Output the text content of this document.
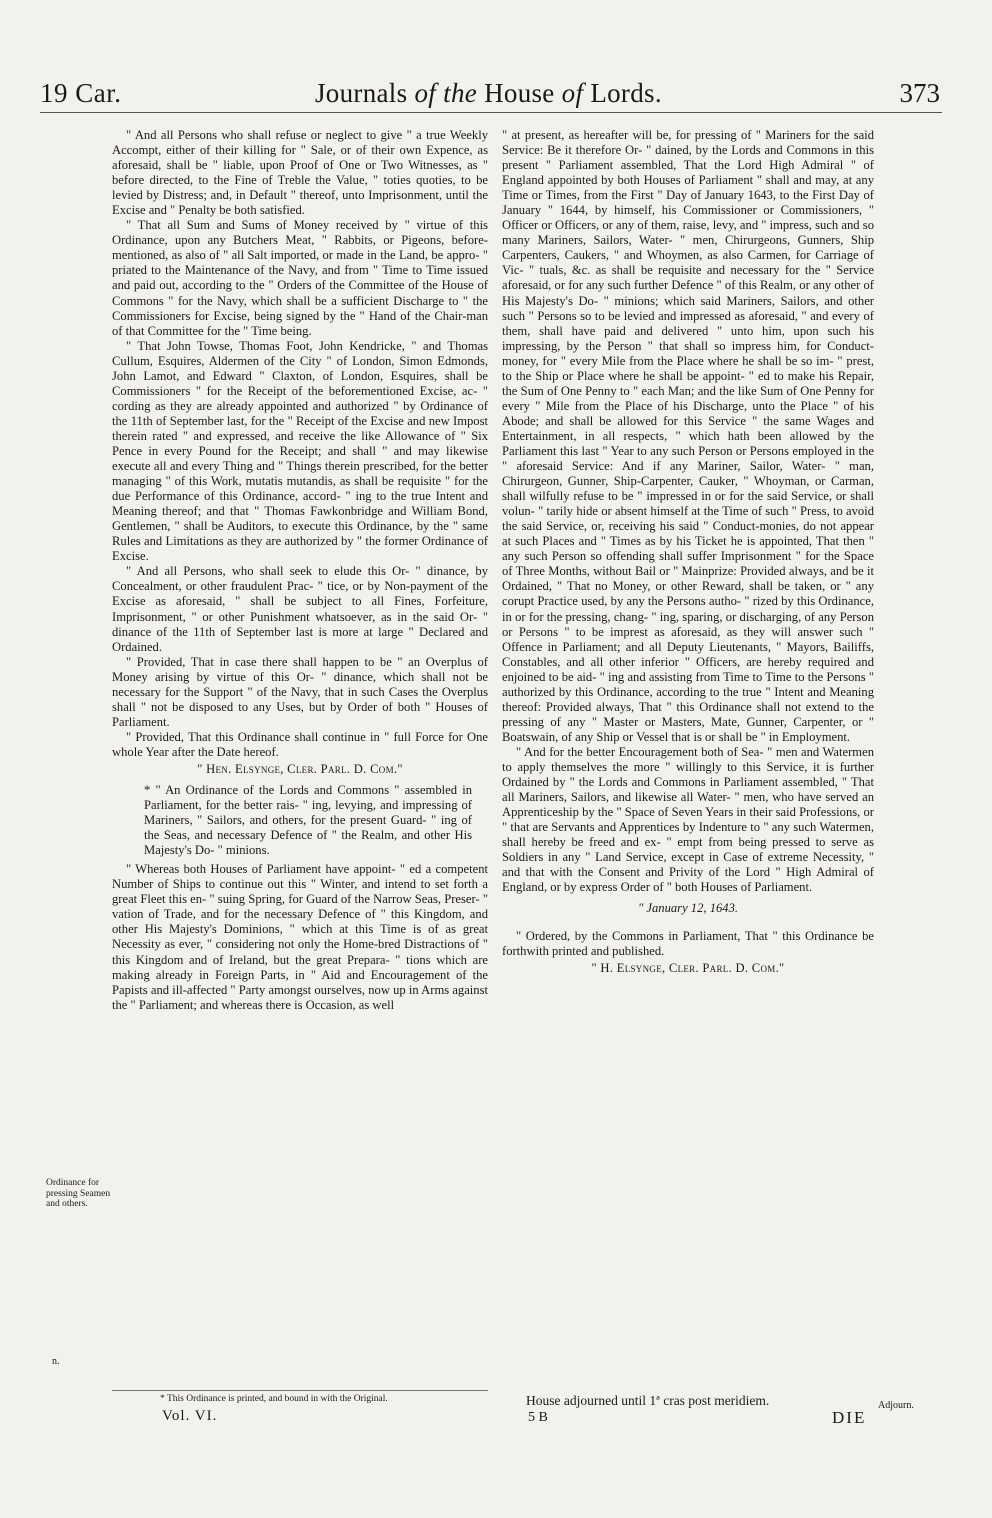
19 Car.	Journals of the House of Lords.	373

" And all Persons who shall refuse or neglect to give " a true Weekly Accompt, either of their killing for " Sale, or of their own Expence, as aforesaid, shall be " liable, upon Proof of One or Two Witnesses, as " before directed, to the Fine of Treble the Value, " toties quoties, to be levied by Distress; and, in Default " thereof, unto Imprisonment, until the Excise and " Penalty be both satisfied.

" That all Sum and Sums of Money received by " virtue of this Ordinance, upon any Butchers Meat, " Rabbits, or Pigeons, before-mentioned, as also of " all Salt imported, or made in the Land, be appro- " priated to the Maintenance of the Navy, and from " Time to Time issued and paid out, according to the " Orders of the Committee of the House of Commons " for the Navy, which shall be a sufficient Discharge to " the Commissioners for Excise, being signed by the " Hand of the Chair-man of that Committee for the " Time being.

" That John Towse, Thomas Foot, John Kendricke, " and Thomas Cullum, Esquires, Aldermen of the City " of London, Simon Edmonds, John Lamot, and Edward " Claxton, of London, Esquires, shall be Commissioners " for the Receipt of the beforementioned Excise, ac- " cording as they are already appointed and authorized " by Ordinance of the 11th of September last, for the " Receipt of the Excise and new Impost therein rated " and expressed, and receive the like Allowance of " Six Pence in every Pound for the Receipt; and shall " and may likewise execute all and every Thing and " Things therein prescribed, for the better managing " of this Work, mutatis mutandis, as shall be requisite " for the due Performance of this Ordinance, accord- " ing to the true Intent and Meaning thereof; and that " Thomas Fawkonbridge and William Bond, Gentlemen, " shall be Auditors, to execute this Ordinance, by the " same Rules and Limitations as they are authorized by " the former Ordinance of Excise.

" And all Persons, who shall seek to elude this Or- " dinance, by Concealment, or other fraudulent Prac- " tice, or by Non-payment of the Excise as aforesaid, " shall be subject to all Fines, Forfeiture, Imprisonment, " or other Punishment whatsoever, as in the said Or- " dinance of the 11th of September last is more at large " Declared and Ordained.

" Provided, That in case there shall happen to be " an Overplus of Money arising by virtue of this Or- " dinance, which shall not be necessary for the Support " of the Navy, that in such Cases the Overplus shall " not be disposed to any Uses, but by Order of both " Houses of Parliament.

" Provided, That this Ordinance shall continue in " full Force for One whole Year after the Date hereof.

" Hen. Elsynge, Cler. Parl. D. Com."

* " An Ordinance of the Lords and Commons " assembled in Parliament, for the better rais- " ing, levying, and impressing of Mariners, " Sailors, and others, for the present Guard- " ing of the Seas, and necessary Defence of " the Realm, and other His Majesty's Do- " minions.

" Whereas both Houses of Parliament have appoint- " ed a competent Number of Ships to continue out this " Winter, and intend to set forth a great Fleet this en- " suing Spring, for Guard of the Narrow Seas, Preser- " vation of Trade, and for the necessary Defence of " this Kingdom, and other His Majesty's Dominions, " which at this Time is of as great Necessity as ever, " considering not only the Home-bred Distractions of " this Kingdom and of Ireland, but the great Prepara- " tions which are making already in Foreign Parts, in " Aid and Encouragement of the Papists and ill-affected " Party amongst ourselves, now up in Arms against the " Parliament; and whereas there is Occasion, as well

" at present, as hereafter will be, for pressing of " Mariners for the said Service: Be it therefore Or- " dained, by the Lords and Commons in this present " Parliament assembled, That the Lord High Admiral " of England appointed by both Houses of Parliament " shall and may, at any Time or Times, from the First " Day of January 1643, to the First Day of January " 1644, by himself, his Commissioner or Commissioners, " Officer or Officers, or any of them, raise, levy, and " impress, such and so many Mariners, Sailors, Water- " men, Chirurgeons, Gunners, Ship Carpenters, Caukers, " and Whoymen, as also Carmen, for Carriage of Vic- " tuals, &c. as shall be requisite and necessary for the " Service aforesaid, or for any such further Defence " of this Realm, or any other of His Majesty's Do- " minions; which said Mariners, Sailors, and other such " Persons so to be levied and impressed as aforesaid, " and every of them, shall have paid and delivered " unto him, upon such his impressing, by the Person " that shall so impress him, for Conduct-money, for " every Mile from the Place where he shall be so im- " prest, to the Ship or Place where he shall be appoint- " ed to make his Repair, the Sum of One Penny to " each Man; and the like Sum of One Penny for every " Mile from the Place of his Discharge, unto the Place " of his Abode; and shall be allowed for this Service " the same Wages and Entertainment, in all respects, " which hath been allowed by the Parliament this last " Year to any such Person or Persons employed in the " aforesaid Service: And if any Mariner, Sailor, Water- " man, Chirurgeon, Gunner, Ship-Carpenter, Cauker, " Whoyman, or Carman, shall wilfully refuse to be " impressed in or for the said Service, or shall volun- " tarily hide or absent himself at the Time of such " Press, to avoid the said Service, or, receiving his said " Conduct-monies, do not appear at such Places and " Times as by his Ticket he is appointed, That then " any such Person so offending shall suffer Imprisonment " for the Space of Three Months, without Bail or " Mainprize: Provided always, and be it Ordained, " That no Money, or other Reward, shall be taken, or " any corupt Practice used, by any the Persons autho- " rized by this Ordinance, in or for the pressing, chang- " ing, sparing, or discharging, of any Person or Persons " to be imprest as aforesaid, as they will answer such " Offence in Parliament; and all Deputy Lieutenants, " Mayors, Bailiffs, Constables, and all other inferior " Officers, are hereby required and enjoined to be aid- " ing and assisting from Time to Time to the Persons " authorized by this Ordinance, according to the true " Intent and Meaning thereof: Provided always, That " this Ordinance shall not extend to the pressing of any " Master or Masters, Mate, Gunner, Carpenter, or " Boatswain, of any Ship or Vessel that is or shall be " in Employment.

" And for the better Encouragement both of Sea- " men and Watermen to apply themselves the more " willingly to this Service, it is further Ordained by " the Lords and Commons in Parliament assembled, " That all Mariners, Sailors, and likewise all Water- " men, who have served an Apprenticeship by the " Space of Seven Years in their said Professions, or " that are Servants and Apprentices by Indenture to " any such Watermen, shall hereby be freed and ex- " empt from being pressed to serve as Soldiers in any " Land Service, except in Case of extreme Necessity, " and that with the Consent and Privity of the Lord " High Admiral of England, or by express Order of " both Houses of Parliament.

" January 12, 1643.

" Ordered, by the Commons in Parliament, That " this Ordinance be forthwith printed and published.

" H. Elsynge, Cler. Parl. D. Com."

Ordinance for pressing Seamen and others.
n.
Adjourn.
* This Ordinance is printed, and bound in with the Original.
Vol. VI.
House adjourned until 1ª cras post meridiem.
5 B	DIE
